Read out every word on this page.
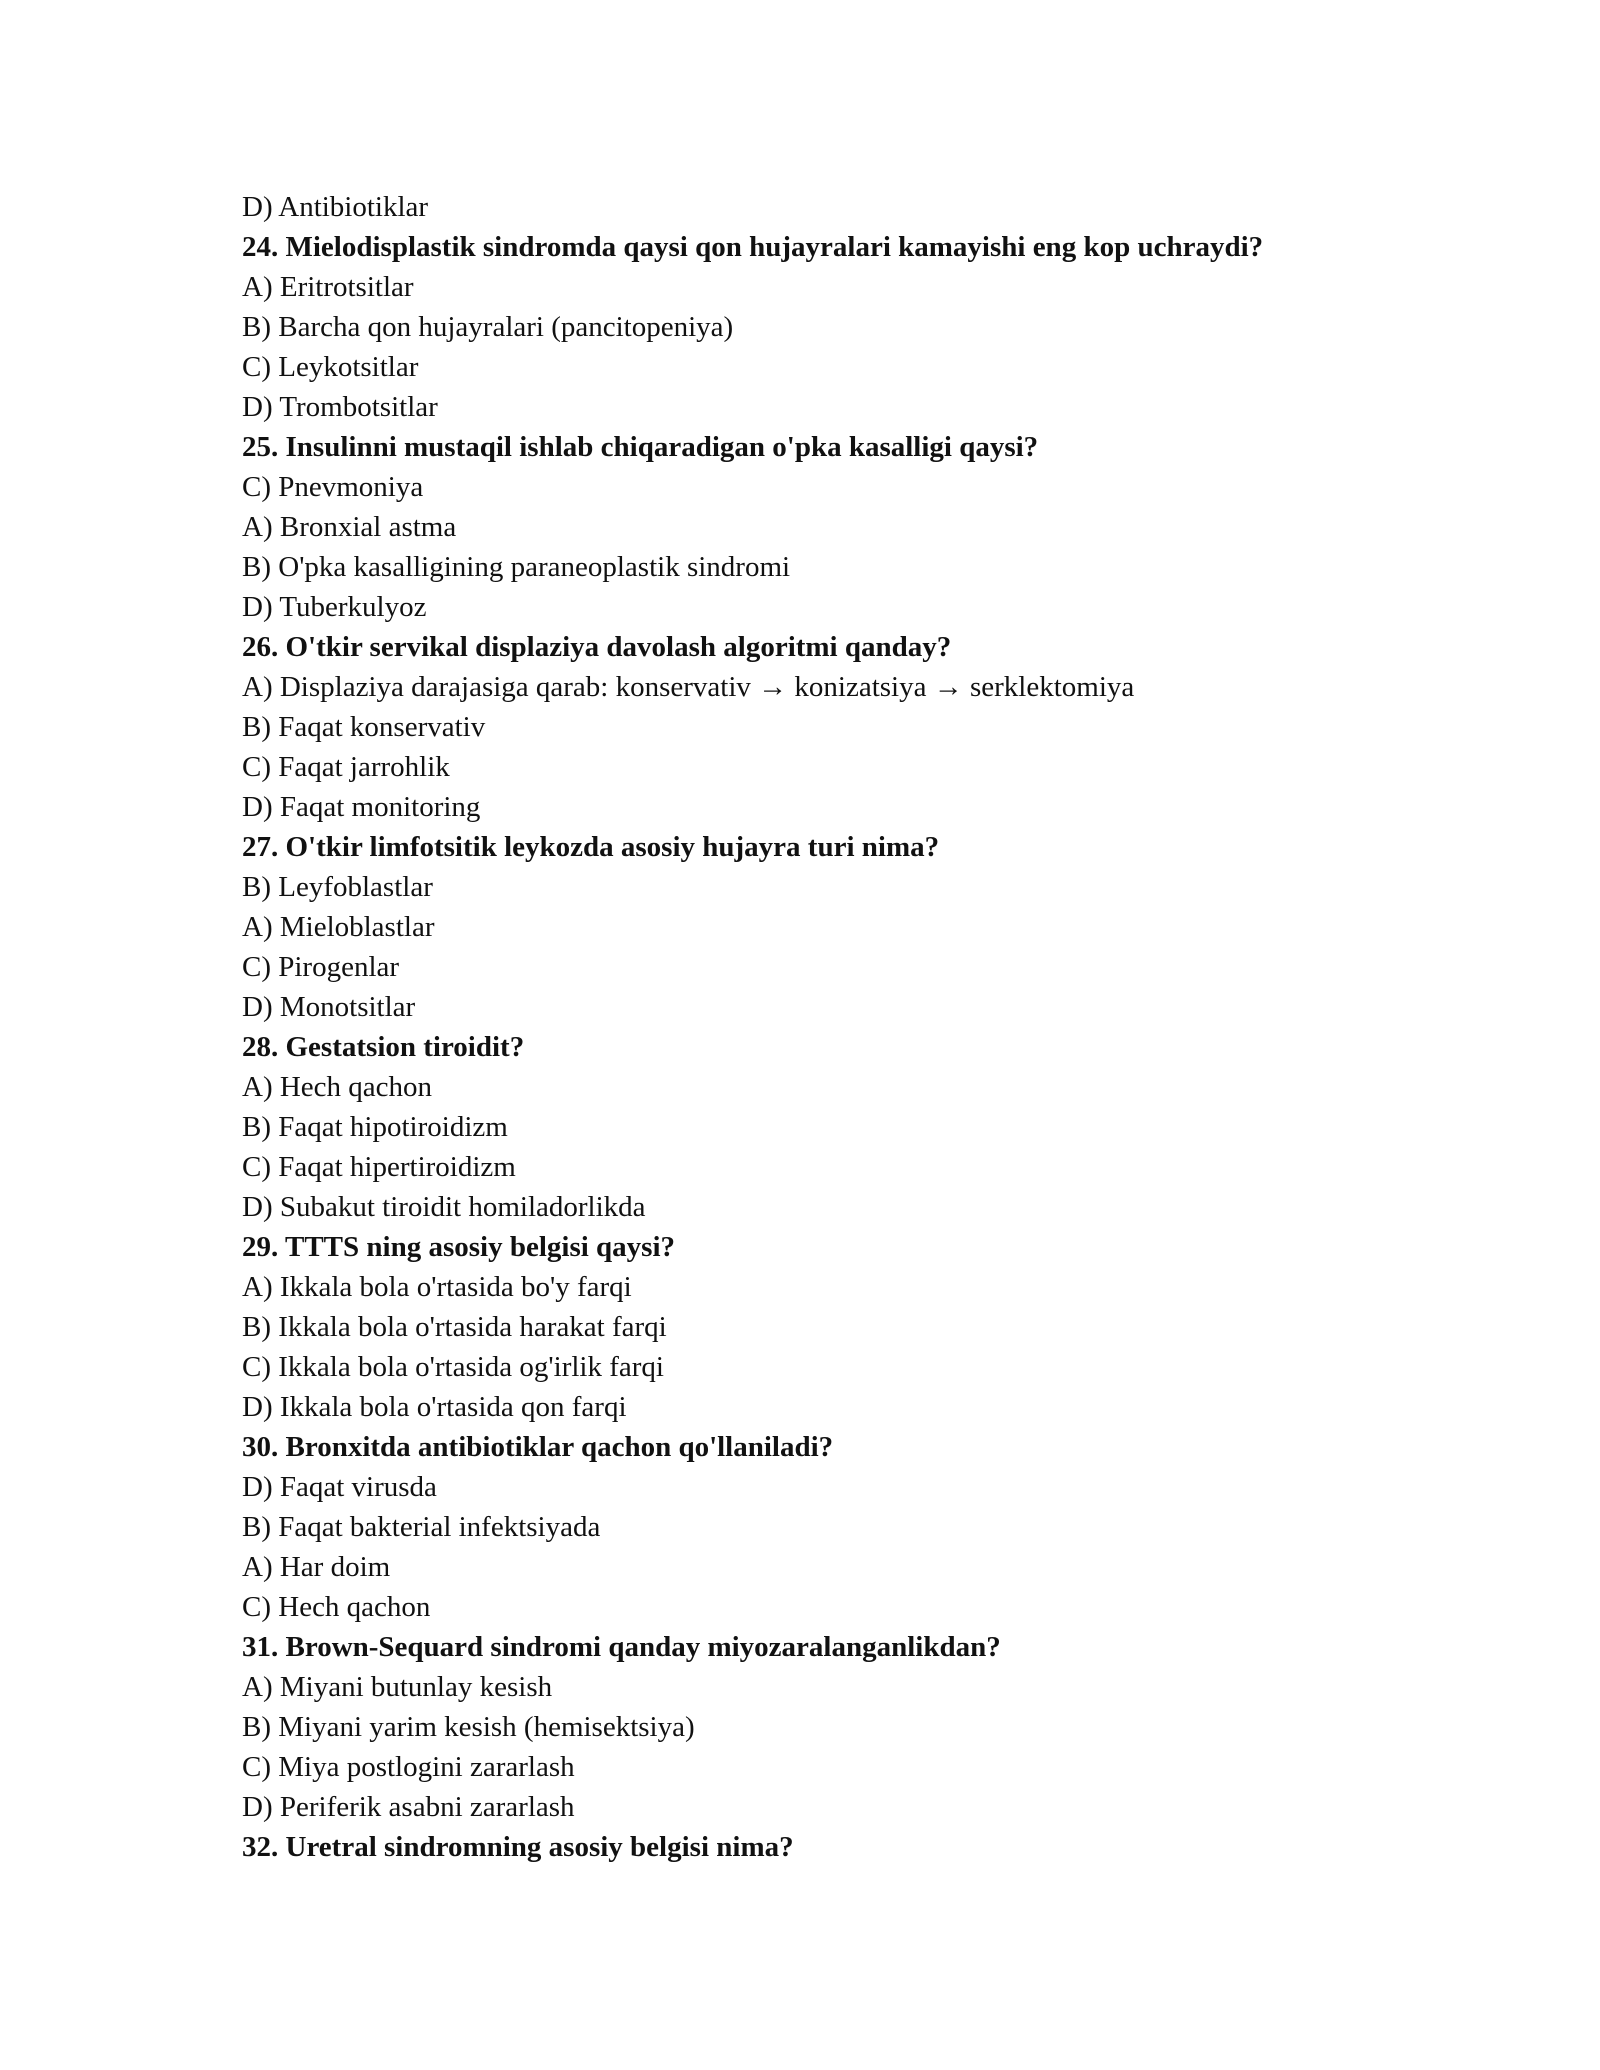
D) Antibiotiklar
24. Mielodisplastik sindromda qaysi qon hujayralari kamayishi eng kop uchraydi?
A) Eritrotsitlar
B) Barcha qon hujayralari (pancitopeniya)
C) Leykotsitlar
D) Trombotsitlar
25. Insulinni mustaqil ishlab chiqaradigan o'pka kasalligi qaysi?
C) Pnevmoniya
A) Bronxial astma
B) O'pka kasalligining paraneoplastik sindromi
D) Tuberkulyoz
26. O'tkir servikal displaziya davolash algoritmi qanday?
A) Displaziya darajasiga qarab: konservativ → konizatsiya → serklektomiya
B) Faqat konservativ
C) Faqat jarrohlik
D) Faqat monitoring
27. O'tkir limfotsitik leykozda asosiy hujayra turi nima?
B) Leyfoblastlar
A) Mieloblastlar
C) Pirogenlar
D) Monotsitlar
28. Gestatsion tiroidit?
A) Hech qachon
B) Faqat hipotiroidizm
C) Faqat hipertiroidizm
D) Subakut tiroidit homiladorlikda
29. TTTS ning asosiy belgisi qaysi?
A) Ikkala bola o'rtasida bo'y farqi
B) Ikkala bola o'rtasida harakat farqi
C) Ikkala bola o'rtasida og'irlik farqi
D) Ikkala bola o'rtasida qon farqi
30. Bronxitda antibiotiklar qachon qo'llaniladi?
D) Faqat virusda
B) Faqat bakterial infektsiyada
A) Har doim
C) Hech qachon
31. Brown-Sequard sindromi qanday miyozaralanganlikdan?
A) Miyani butunlay kesish
B) Miyani yarim kesish (hemisektsiya)
C) Miya postlogini zararlash
D) Periferik asabni zararlash
32. Uretral sindromning asosiy belgisi nima?
